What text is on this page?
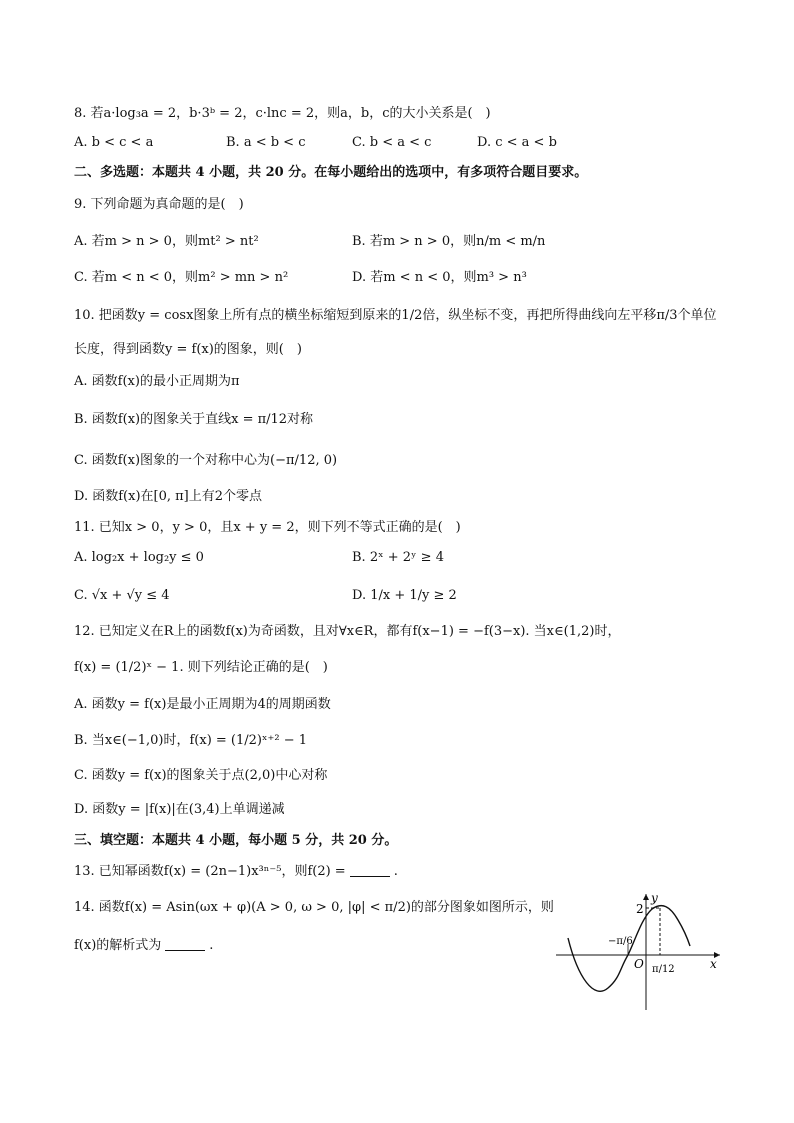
8. 若a·log₃a = 2，b·3ᵇ = 2，c·lnc = 2，则a，b，c的大小关系是(　)
A. b < c < a	B. a < b < c	C. b < a < c	D. c < a < b
二、多选题：本题共 4 小题，共 20 分。在每小题给出的选项中，有多项符合题目要求。
9. 下列命题为真命题的是(　)
A. 若m > n > 0，则mt² > nt²	B. 若m > n > 0，则n/m < m/n
C. 若m < n < 0，则m² > mn > n²	D. 若m < n < 0，则m³ > n³
10. 把函数y = cosx图象上所有点的横坐标缩短到原来的1/2倍，纵坐标不变，再把所得曲线向左平移π/3个单位
长度，得到函数y = f(x)的图象，则(　)
A. 函数f(x)的最小正周期为π
B. 函数f(x)的图象关于直线x = π/12对称
C. 函数f(x)图象的一个对称中心为(−π/12, 0)
D. 函数f(x)在[0, π]上有2个零点
11. 已知x > 0，y > 0，且x + y = 2，则下列不等式正确的是(　)
A. log₂x + log₂y ≤ 0	B. 2ˣ + 2ʸ ≥ 4
C. √x + √y ≤ 4	D. 1/x + 1/y ≥ 2
12. 已知定义在R上的函数f(x)为奇函数，且对∀x∈R，都有f(x−1) = −f(3−x). 当x∈(1,2)时，
f(x) = (1/2)ˣ − 1. 则下列结论正确的是(　)
A. 函数y = f(x)是最小正周期为4的周期函数
B. 当x∈(−1,0)时，f(x) = (1/2)ˣ⁺² − 1
C. 函数y = f(x)的图象关于点(2,0)中心对称
D. 函数y = |f(x)|在(3,4)上单调递减
三、填空题：本题共 4 小题，每小题 5 分，共 20 分。
13. 已知幂函数f(x) = (2n−1)x³ⁿ⁻⁵，则f(2) =	.
14. 函数f(x) = Asin(ωx + φ)(A > 0, ω > 0, |φ| < π/2)的部分图象如图所示，则
f(x)的解析式为	.
y
x
O
2
−π/6
π/12
